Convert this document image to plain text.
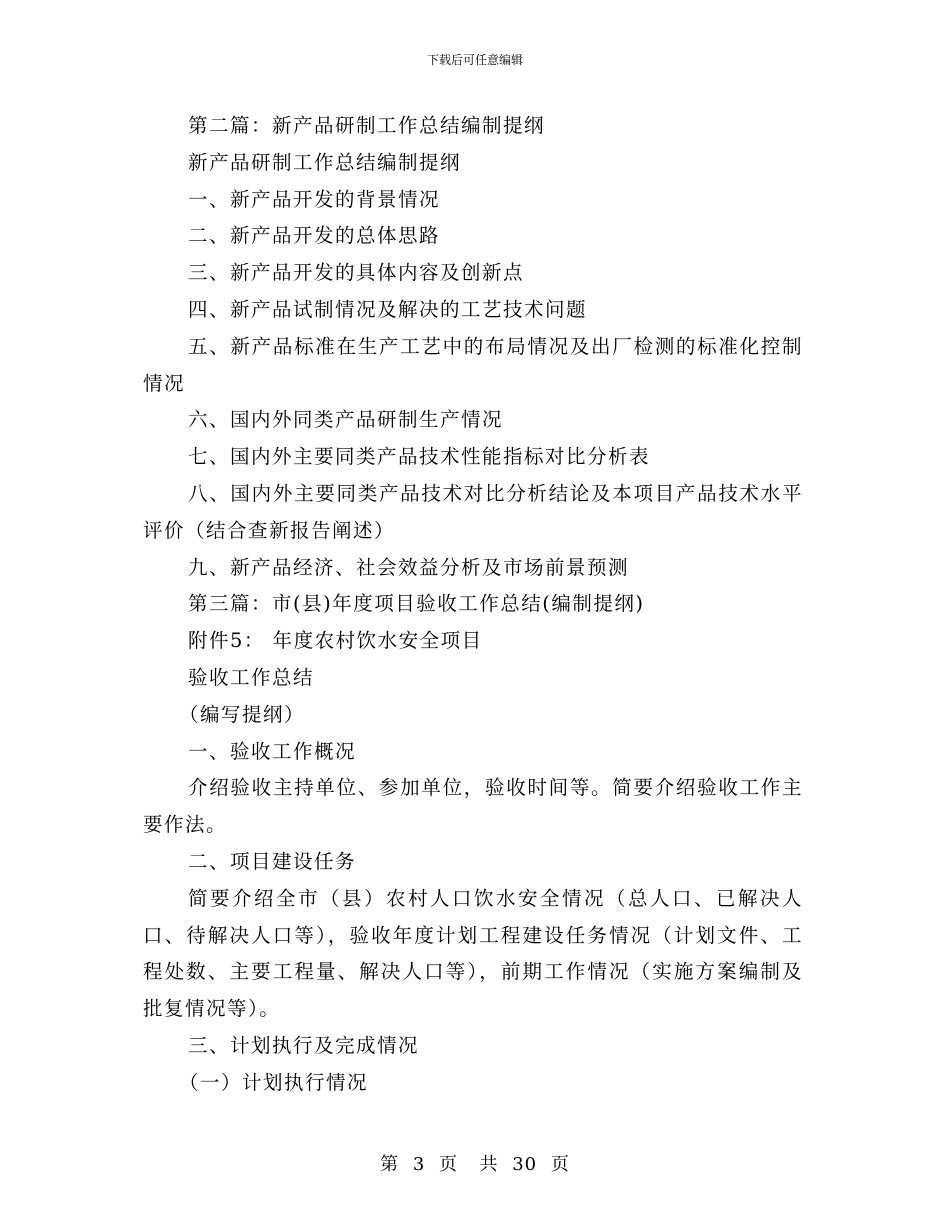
下载后可任意编辑

第二篇：新产品研制工作总结编制提纲

新产品研制工作总结编制提纲

一、新产品开发的背景情况

二、新产品开发的总体思路

三、新产品开发的具体内容及创新点

四、新产品试制情况及解决的工艺技术问题

五、新产品标准在生产工艺中的布局情况及出厂检测的标准化控制情况

六、国内外同类产品研制生产情况

七、国内外主要同类产品技术性能指标对比分析表

八、国内外主要同类产品技术对比分析结论及本项目产品技术水平评价（结合查新报告阐述）

九、新产品经济、社会效益分析及市场前景预测

第三篇：市(县)年度项目验收工作总结(编制提纲)

附件5： 年度农村饮水安全项目

验收工作总结

（编写提纲）

一、验收工作概况

介绍验收主持单位、参加单位，验收时间等。简要介绍验收工作主要作法。

二、项目建设任务

简要介绍全市（县）农村人口饮水安全情况（总人口、已解决人口、待解决人口等），验收年度计划工程建设任务情况（计划文件、工程处数、主要工程量、解决人口等），前期工作情况（实施方案编制及批复情况等）。

三、计划执行及完成情况

（一）计划执行情况

第 3 页 共 30 页
